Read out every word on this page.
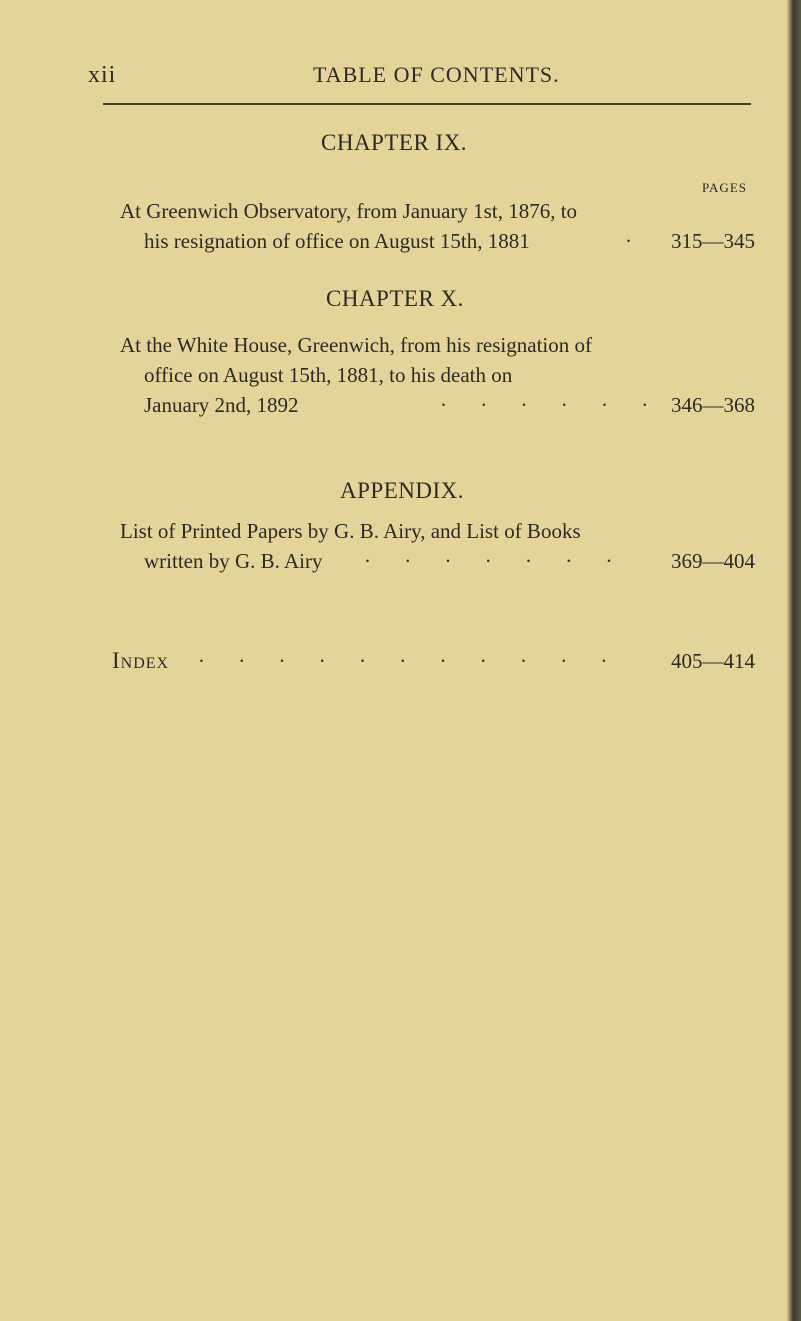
xii	TABLE OF CONTENTS.
CHAPTER IX.
PAGES
At Greenwich Observatory, from January 1st, 1876, to
his resignation of office on August 15th, 1881	· 315—345
CHAPTER X.
At the White House, Greenwich, from his resignation of
office on August 15th, 1881, to his death on
January 2nd, 1892	· · · · · · 346—368
APPENDIX.
List of Printed Papers by G. B. Airy, and List of Books
written by G. B. Airy · · · · · · · 369—404
Index · · · · · · · · · · · 405—414
